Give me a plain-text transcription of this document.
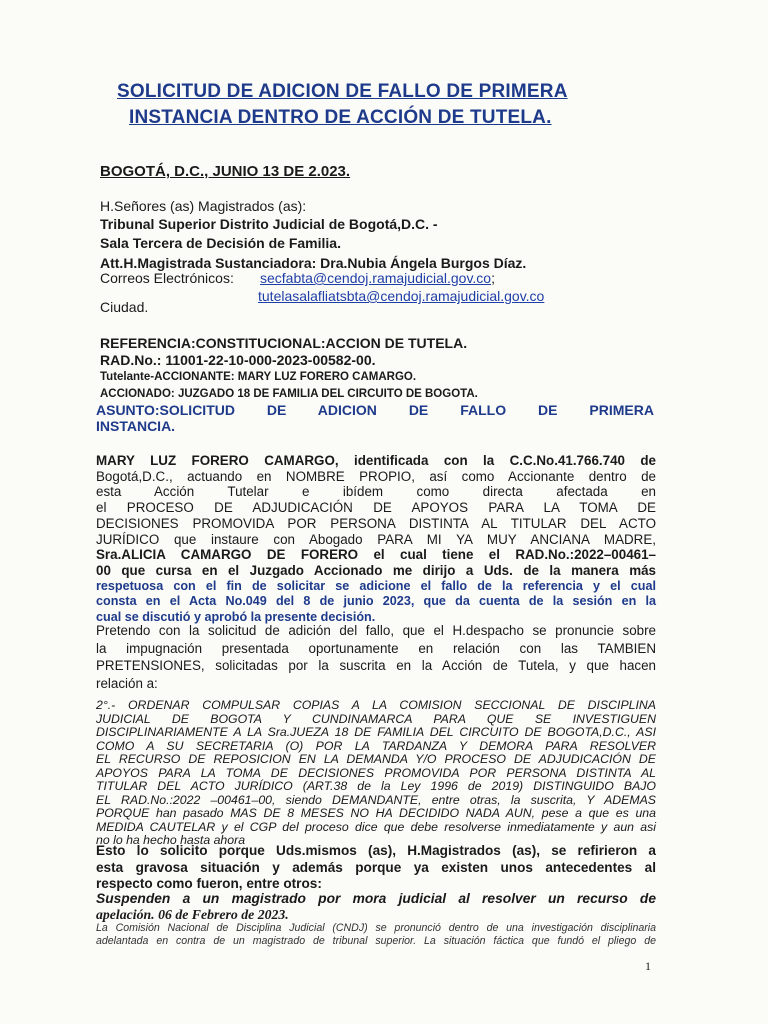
SOLICITUD DE ADICION DE FALLO DE PRIMERA
INSTANCIA DENTRO DE ACCIÓN DE TUTELA.
BOGOTÁ, D.C., JUNIO 13 DE 2.023.
H.Señores (as) Magistrados (as):
Tribunal Superior Distrito Judicial de Bogotá,D.C. -
Sala Tercera de Decisión de Familia.
Att.H.Magistrada Sustanciadora: Dra.Nubia Ángela Burgos Díaz.
Correos Electrónicos: secfabta@cendoj.ramajudicial.gov.co;
tutelasalafliatsbta@cendoj.ramajudicial.gov.co
Ciudad.
REFERENCIA:CONSTITUCIONAL:ACCION DE TUTELA.
RAD.No.: 11001-22-10-000-2023-00582-00.
Tutelante-ACCIONANTE: MARY LUZ FORERO CAMARGO.
ACCIONADO: JUZGADO 18 DE FAMILIA DEL CIRCUITO DE BOGOTA.
ASUNTO:SOLICITUD DE ADICION DE FALLO DE PRIMERA
INSTANCIA.
MARY LUZ FORERO CAMARGO, identificada con la C.C.No.41.766.740 de
Bogotá,D.C., actuando en NOMBRE PROPIO, así como Accionante dentro de
esta Acción Tutelar e ibídem como directa afectada en
el PROCESO DE ADJUDICACIÓN DE APOYOS PARA LA TOMA DE
DECISIONES PROMOVIDA POR PERSONA DISTINTA AL TITULAR DEL ACTO
JURÍDICO que instaure con Abogado PARA MI YA MUY ANCIANA MADRE,
Sra.ALICIA CAMARGO DE FORERO el cual tiene el RAD.No.:2022–00461–
00 que cursa en el Juzgado Accionado me dirijo a Uds. de la manera más
respetuosa con el fin de solicitar se adicione el fallo de la referencia y el cual
consta en el Acta No.049 del 8 de junio 2023, que da cuenta de la sesión en la
cual se discutió y aprobó la presente decisión.
Pretendo con la solicitud de adición del fallo, que el H.despacho se pronuncie sobre
la impugnación presentada oportunamente en relación con las TAMBIEN
PRETENSIONES, solicitadas por la suscrita en la Acción de Tutela, y que hacen
relación a:
2°.- ORDENAR COMPULSAR COPIAS A LA COMISION SECCIONAL DE DISCIPLINA
JUDICIAL DE BOGOTA Y CUNDINAMARCA PARA QUE SE INVESTIGUEN
DISCIPLINARIAMENTE A LA Sra.JUEZA 18 DE FAMILIA DEL CIRCUITO DE BOGOTA,D.C., ASI
COMO A SU SECRETARIA (O) POR LA TARDANZA Y DEMORA PARA RESOLVER
EL RECURSO DE REPOSICION EN LA DEMANDA Y/O PROCESO DE ADJUDICACIÓN DE
APOYOS PARA LA TOMA DE DECISIONES PROMOVIDA POR PERSONA DISTINTA AL
TITULAR DEL ACTO JURÍDICO (ART.38 de la Ley 1996 de 2019) DISTINGUIDO BAJO
EL RAD.No.:2022 –00461–00, siendo DEMANDANTE, entre otras, la suscrita, Y ADEMAS
PORQUE han pasado MAS DE 8 MESES NO HA DECIDIDO NADA AUN, pese a que es una
MEDIDA CAUTELAR y el CGP del proceso dice que debe resolverse inmediatamente y aun asi
no lo ha hecho hasta ahora
Esto lo solicito porque Uds.mismos (as), H.Magistrados (as), se refirieron a
esta gravosa situación y además porque ya existen unos antecedentes al
respecto como fueron, entre otros:
Suspenden a un magistrado por mora judicial al resolver un recurso de
apelación. 06 de Febrero de 2023.
La Comisión Nacional de Disciplina Judicial (CNDJ) se pronunció dentro de una investigación disciplinaria
adelantada en contra de un magistrado de tribunal superior. La situación fáctica que fundó el pliego de
1
